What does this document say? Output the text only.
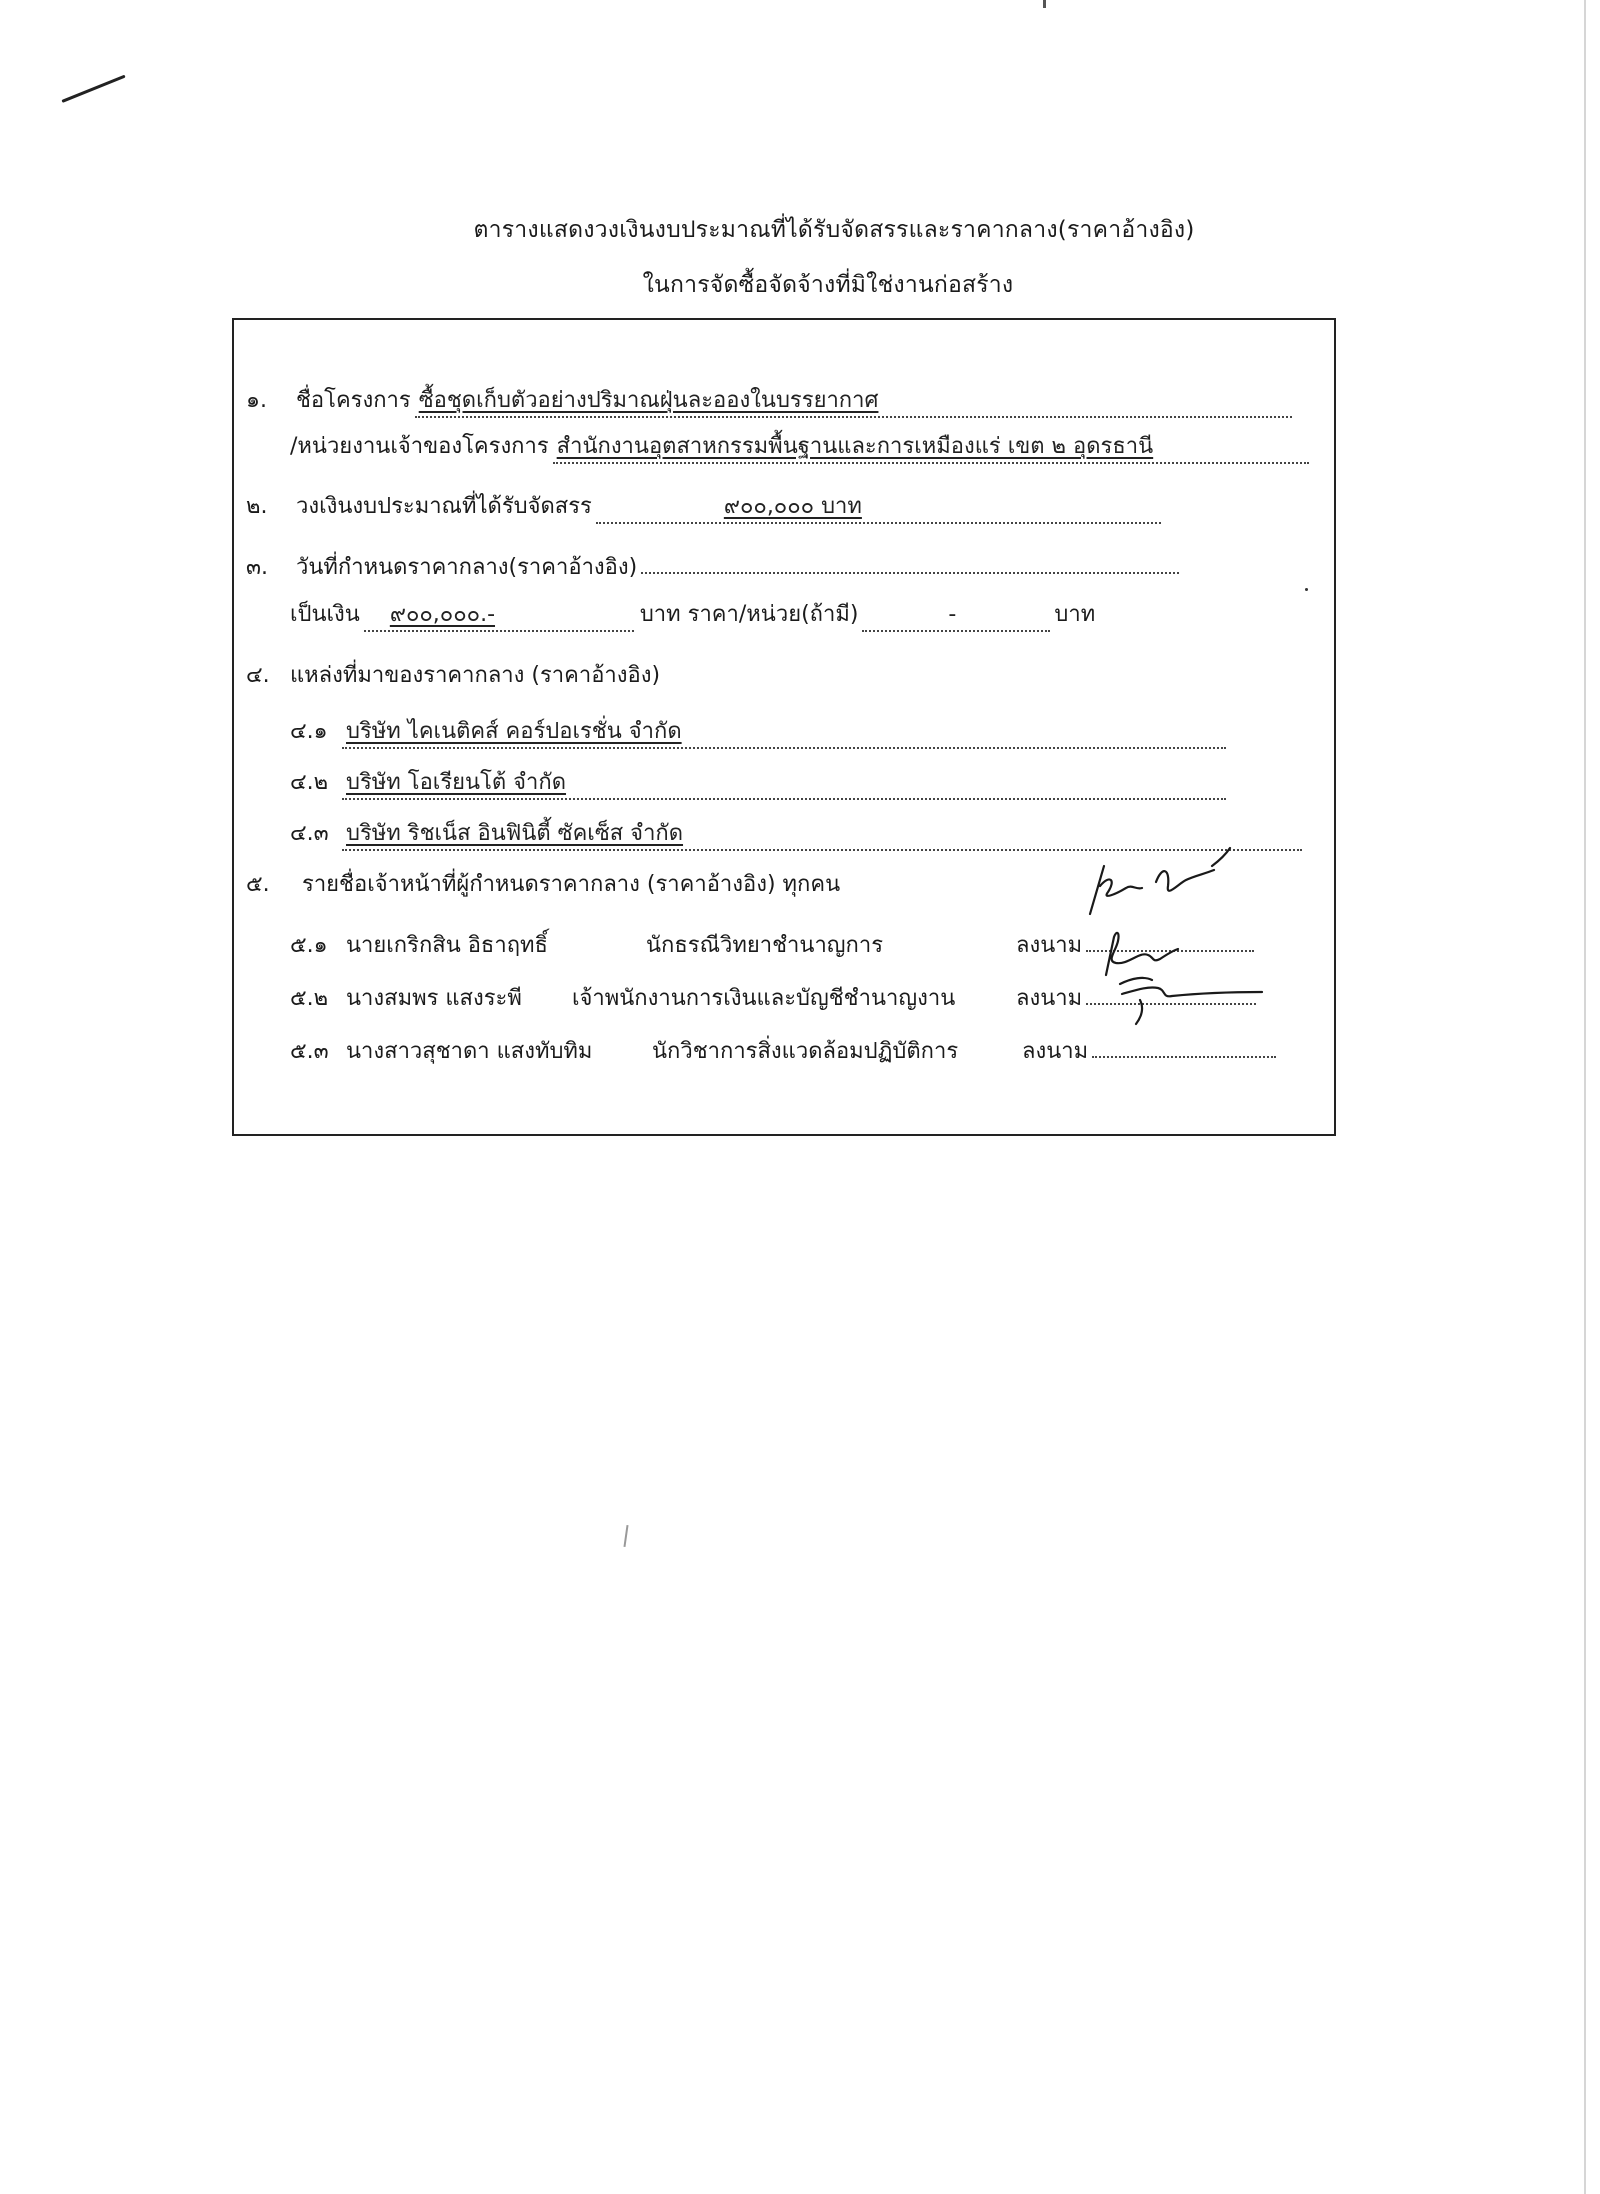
ตารางแสดงวงเงินงบประมาณที่ได้รับจัดสรรและราคากลาง(ราคาอ้างอิง)
ในการจัดซื้อจัดจ้างที่มิใช่งานก่อสร้าง
๑.	ชื่อโครงการ ซื้อชุดเก็บตัวอย่างปริมาณฝุ่นละอองในบรรยากาศ
/หน่วยงานเจ้าของโครงการ สำนักงานอุตสาหกรรมพื้นฐานและการเหมืองแร่ เขต ๒ อุดรธานี
๒.	วงเงินงบประมาณที่ได้รับจัดสรร	๙๐๐,๐๐๐ บาท
๓.	วันที่กำหนดราคากลาง(ราคาอ้างอิง)
เป็นเงิน	๙๐๐,๐๐๐.-	บาท ราคา/หน่วย(ถ้ามี)	-	บาท
๔. แหล่งที่มาของราคากลาง (ราคาอ้างอิง)
๔.๑ บริษัท ไคเนติคส์ คอร์ปอเรชั่น จำกัด
๔.๒ บริษัท โอเรียนโต้ จำกัด
๔.๓ บริษัท ริชเน็ส อินฟินิตี้ ซัคเซ็ส จำกัด
๕.	รายชื่อเจ้าหน้าที่ผู้กำหนดราคากลาง (ราคาอ้างอิง) ทุกคน
๕.๑ นายเกริกสิน อิธาฤทธิ์	นักธรณีวิทยาชำนาญการ	ลงนาม
๕.๒ นางสมพร แสงระพี	เจ้าพนักงานการเงินและบัญชีชำนาญงาน	ลงนาม
๕.๓ นางสาวสุชาดา แสงทับทิม	นักวิชาการสิ่งแวดล้อมปฏิบัติการ	ลงนาม
